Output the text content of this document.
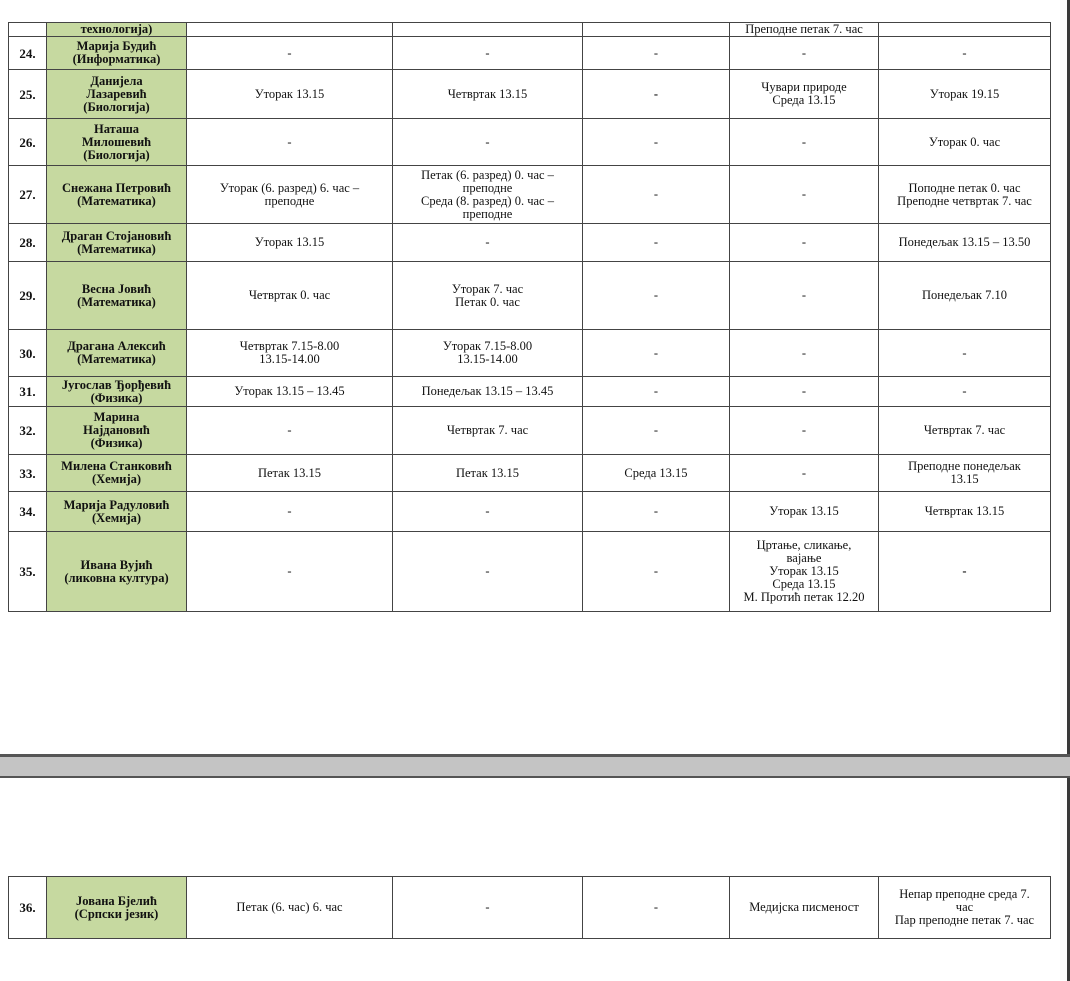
	технологија)				Преподне петак 7. час	
24.	Марија Будић
(Информатика)	-	-	-	-	-
25.	Данијела
Лазаревић
(Биологија)	Уторак 13.15	Четвртак 13.15	-	Чувари природе
Среда 13.15	Уторак 19.15
26.	Наташа
Милошевић
(Биологија)	-	-	-	-	Уторак 0. час
27.	Снежана Петровић
(Математика)	Уторак (6. разред) 6. час –
преподне	Петак (6. разред) 0. час –
преподне
Среда (8. разред) 0. час –
преподне	-	-	Поподне петак 0. час
Преподне четвртак 7. час
28.	Драган Стојановић
(Математика)	Уторак 13.15	-	-	-	Понедељак 13.15 – 13.50
29.	Весна Јовић
(Математика)	Четвртак 0. час	Уторак 7. час
Петак 0. час	-	-	Понедељак 7.10
30.	Драгана Алексић
(Математика)	Четвртак 7.15-8.00
13.15-14.00	Уторак 7.15-8.00
13.15-14.00	-	-	-
31.	Југослав Ђорђевић
(Физика)	Уторак 13.15 – 13.45	Понедељак 13.15 – 13.45	-	-	-
32.	Марина
Најдановић
(Физика)	-	Четвртак 7. час	-	-	Четвртак 7. час
33.	Милена Станковић
(Хемија)	Петак 13.15	Петак 13.15	Среда 13.15	-	Преподне понедељак
13.15
34.	Марија Радуловић
(Хемија)	-	-	-	Уторак 13.15	Четвртак 13.15
35.	Ивана Вујић
(ликовна култура)	-	-	-	Цртање, сликање,
вајање
Уторак 13.15
Среда 13.15
М. Протић петак 12.20	-
36.	Јована Бјелић
(Српски језик)	Петак (6. час) 6. час	-	-	Медијска писменост	Непар преподне среда 7.
час
Пар преподне петак 7. час
